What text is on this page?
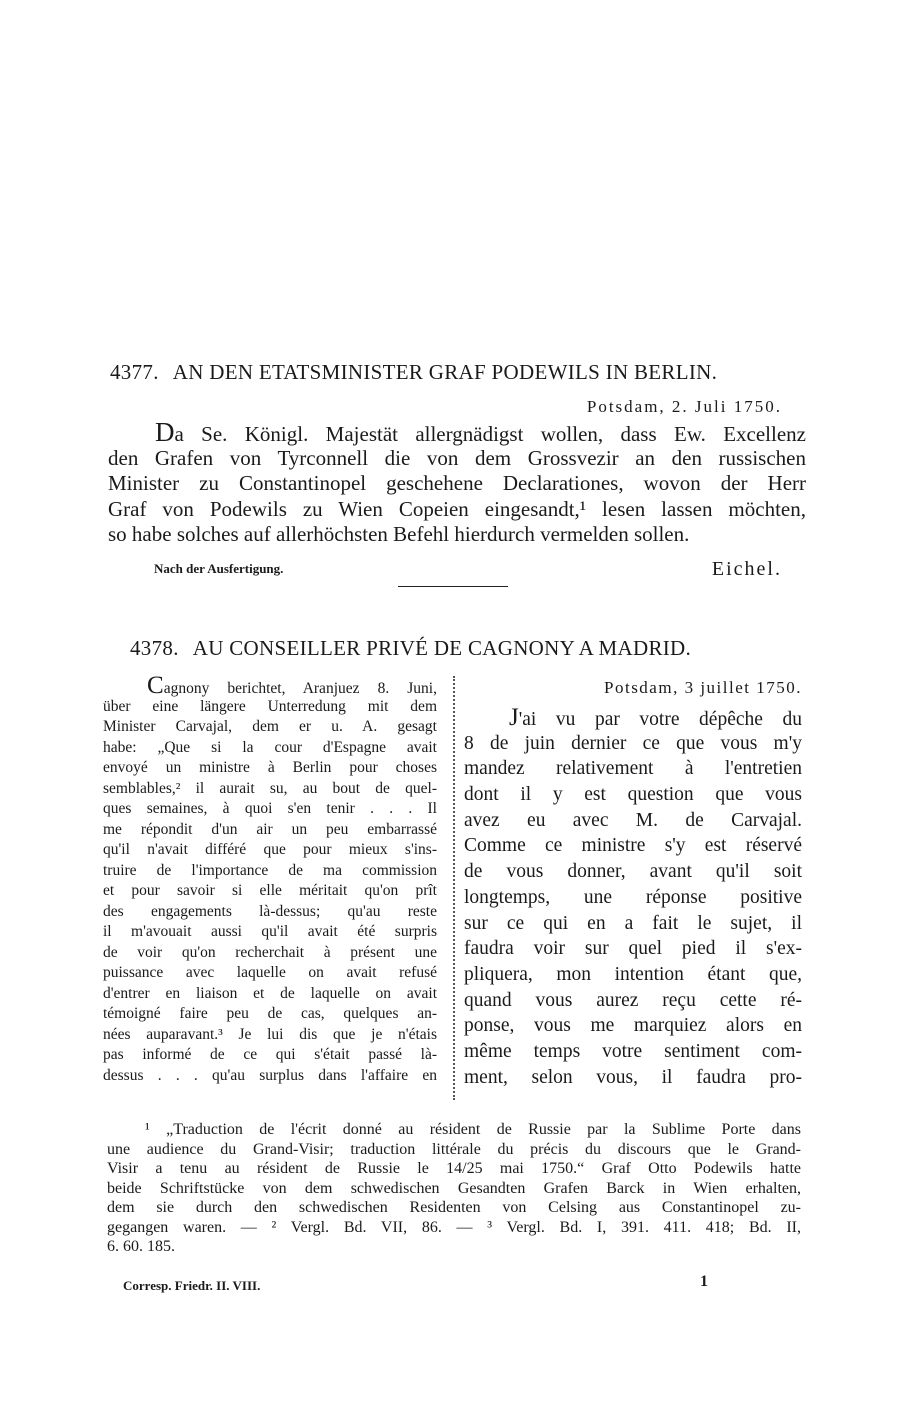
4377. AN DEN ETATSMINISTER GRAF PODEWILS IN BERLIN.
Potsdam, 2. Juli 1750.
Da Se. Königl. Majestät allergnädigst wollen, dass Ew. Excellenz
den Grafen von Tyrconnell die von dem Grossvezir an den russischen
Minister zu Constantinopel geschehene Declarationes, wovon der Herr
Graf von Podewils zu Wien Copeien eingesandt,¹ lesen lassen möchten,
so habe solches auf allerhöchsten Befehl hierdurch vermelden sollen.
Nach der Ausfertigung.	Eichel.
4378. AU CONSEILLER PRIVÉ DE CAGNONY A MADRID.
Cagnony berichtet, Aranjuez 8. Juni,
über eine längere Unterredung mit dem
Minister Carvajal, dem er u. A. gesagt
habe: „Que si la cour d'Espagne avait
envoyé un ministre à Berlin pour choses
semblables,² il aurait su, au bout de quel-
ques semaines, à quoi s'en tenir . . . Il
me répondit d'un air un peu embarrassé
qu'il n'avait différé que pour mieux s'ins-
truire de l'importance de ma commission
et pour savoir si elle méritait qu'on prît
des engagements là-dessus; qu'au reste
il m'avouait aussi qu'il avait été surpris
de voir qu'on recherchait à présent une
puissance avec laquelle on avait refusé
d'entrer en liaison et de laquelle on avait
témoigné faire peu de cas, quelques an-
nées auparavant.³ Je lui dis que je n'étais
pas informé de ce qui s'était passé là-
dessus . . . qu'au surplus dans l'affaire en
Potsdam, 3 juillet 1750.
J'ai vu par votre dépêche du
8 de juin dernier ce que vous m'y
mandez relativement à l'entretien
dont il y est question que vous
avez eu avec M. de Carvajal.
Comme ce ministre s'y est réservé
de vous donner, avant qu'il soit
longtemps, une réponse positive
sur ce qui en a fait le sujet, il
faudra voir sur quel pied il s'ex-
pliquera, mon intention étant que,
quand vous aurez reçu cette ré-
ponse, vous me marquiez alors en
même temps votre sentiment com-
ment, selon vous, il faudra pro-
¹ „Traduction de l'écrit donné au résident de Russie par la Sublime Porte dans
une audience du Grand-Visir; traduction littérale du précis du discours que le Grand-
Visir a tenu au résident de Russie le 14/25 mai 1750.“ Graf Otto Podewils hatte
beide Schriftstücke von dem schwedischen Gesandten Grafen Barck in Wien erhalten,
dem sie durch den schwedischen Residenten von Celsing aus Constantinopel zu-
gegangen waren. — ² Vergl. Bd. VII, 86. — ³ Vergl. Bd. I, 391. 411. 418; Bd. II,
6. 60. 185.
Corresp. Friedr. II. VIII.	1
